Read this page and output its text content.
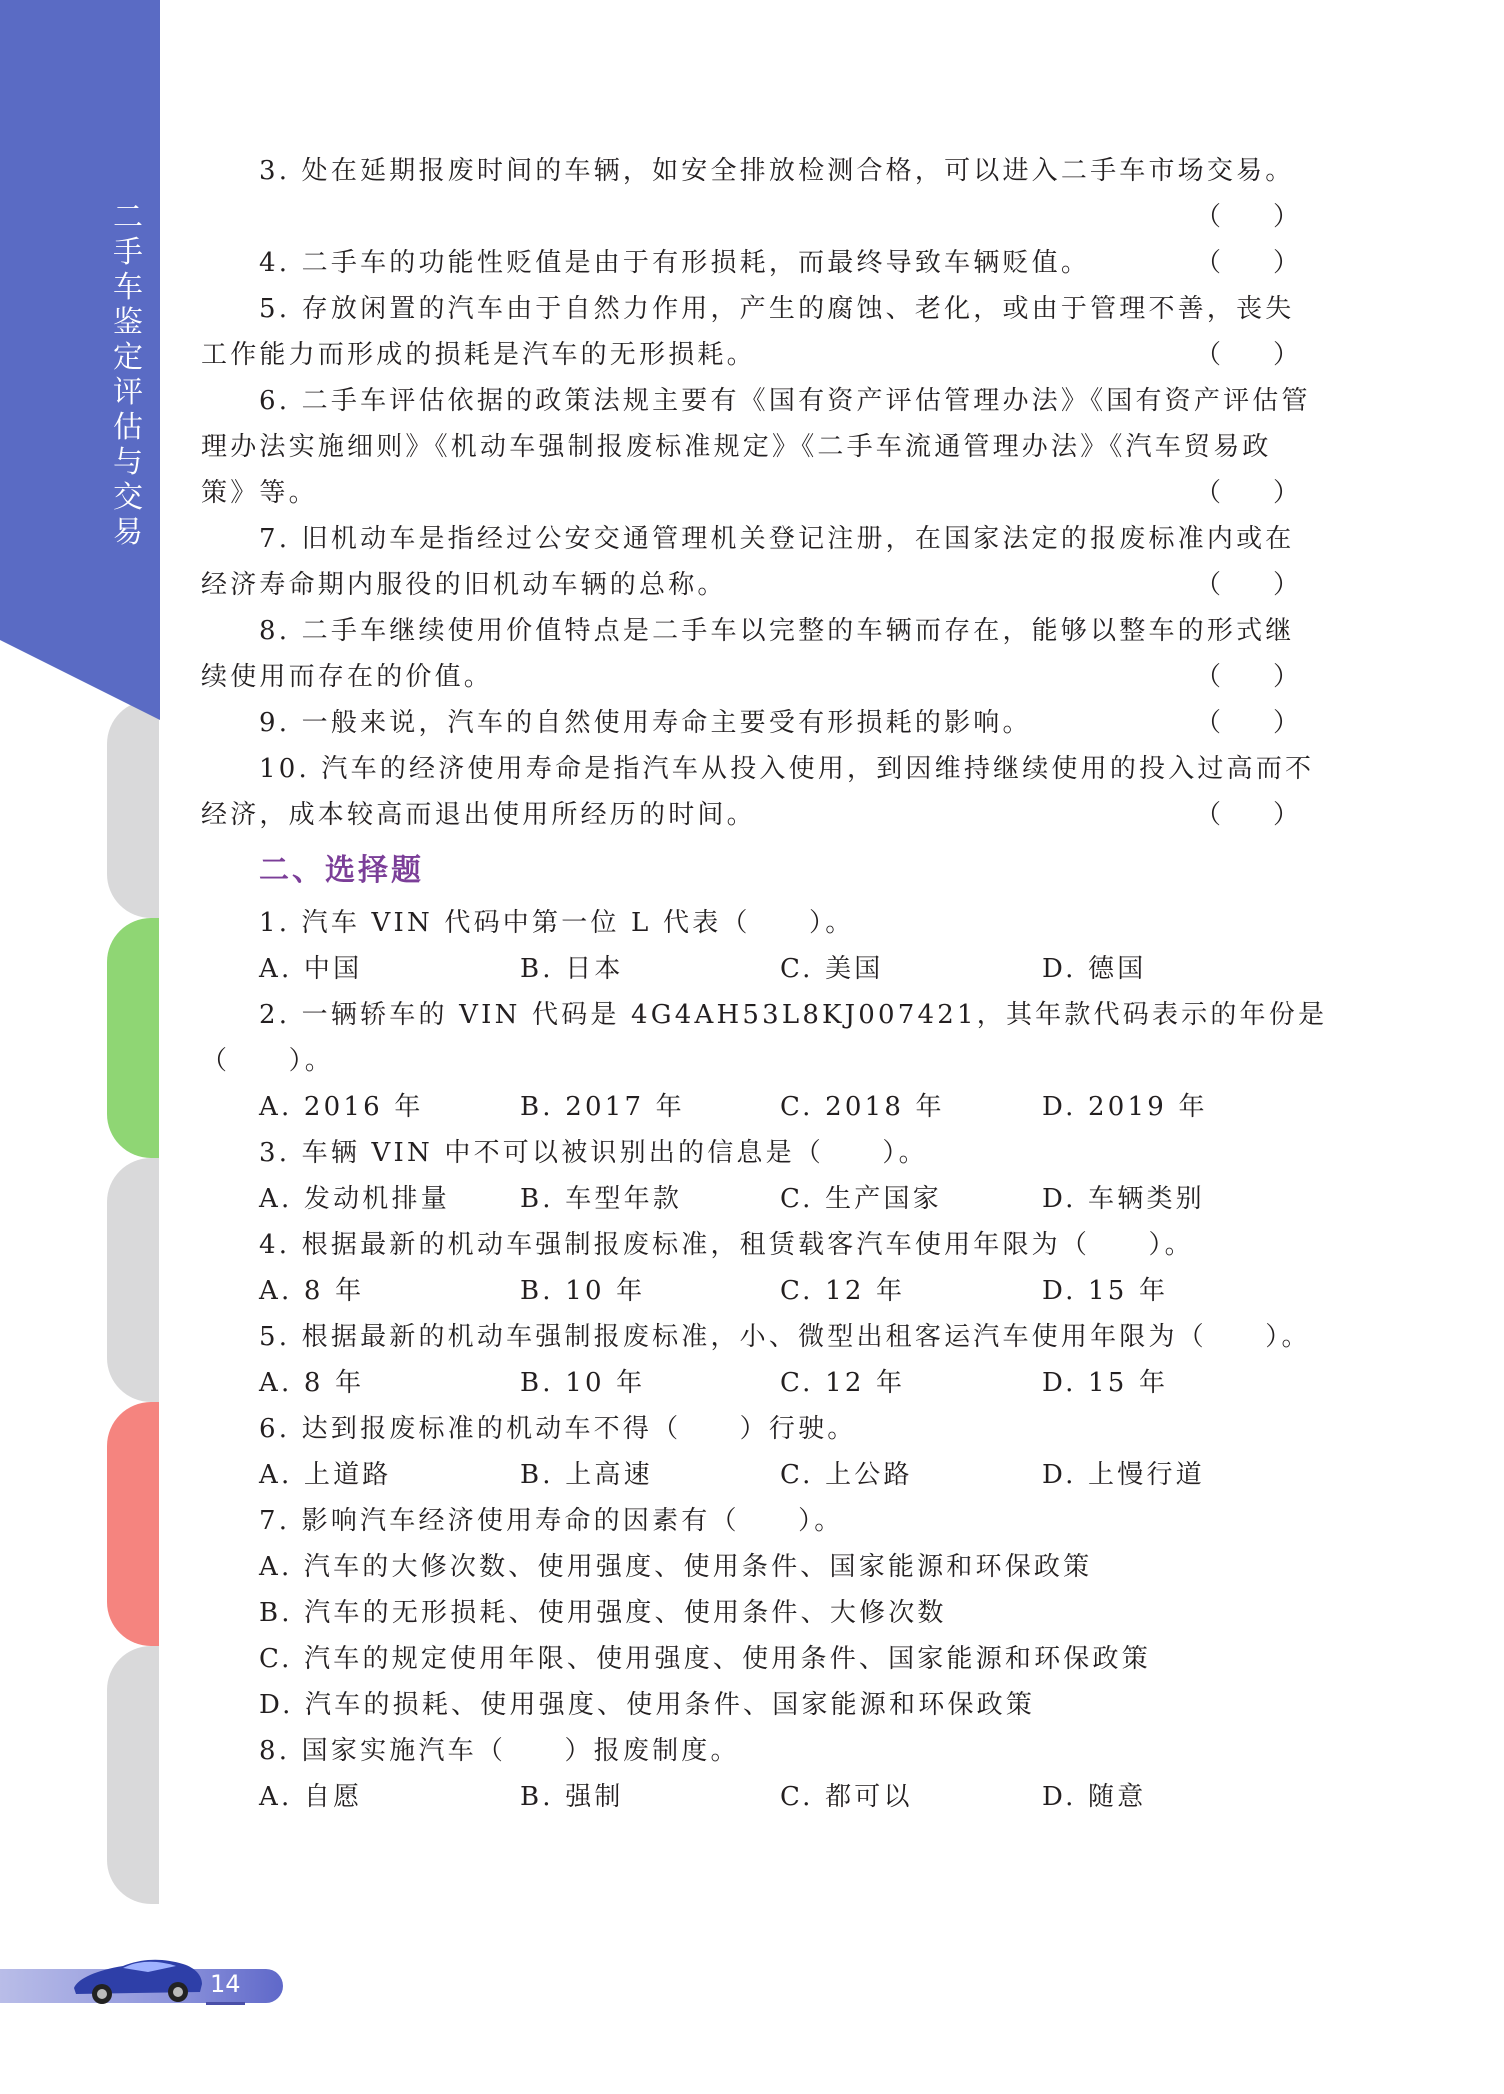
二手车鉴定评估与交易
3. 处在延期报废时间的车辆，如安全排放检测合格，可以进入二手车市场交易。
（　　）
4. 二手车的功能性贬值是由于有形损耗，而最终导致车辆贬值。	（　　）
5. 存放闲置的汽车由于自然力作用，产生的腐蚀、老化，或由于管理不善，丧失
工作能力而形成的损耗是汽车的无形损耗。	（　　）
6. 二手车评估依据的政策法规主要有《国有资产评估管理办法》《国有资产评估管
理办法实施细则》《机动车强制报废标准规定》《二手车流通管理办法》《汽车贸易政
策》等。	（　　）
7. 旧机动车是指经过公安交通管理机关登记注册，在国家法定的报废标准内或在
经济寿命期内服役的旧机动车辆的总称。	（　　）
8. 二手车继续使用价值特点是二手车以完整的车辆而存在，能够以整车的形式继
续使用而存在的价值。	（　　）
9. 一般来说，汽车的自然使用寿命主要受有形损耗的影响。	（　　）
10. 汽车的经济使用寿命是指汽车从投入使用，到因维持继续使用的投入过高而不
经济，成本较高而退出使用所经历的时间。	（　　）
1. 汽车 VIN 代码中第一位 L 代表（　　）。
A. 中国	B. 日本	C. 美国	D. 德国
2. 一辆轿车的 VIN 代码是 4G4AH53L8KJ007421，其年款代码表示的年份是
（　　）。
A. 2016 年	B. 2017 年	C. 2018 年	D. 2019 年
3. 车辆 VIN 中不可以被识别出的信息是（　　）。
A. 发动机排量	B. 车型年款	C. 生产国家	D. 车辆类别
4. 根据最新的机动车强制报废标准，租赁载客汽车使用年限为（　　）。
A. 8 年	B. 10 年	C. 12 年	D. 15 年
5. 根据最新的机动车强制报废标准，小、微型出租客运汽车使用年限为（　　）。
A. 8 年	B. 10 年	C. 12 年	D. 15 年
6. 达到报废标准的机动车不得（　　）行驶。
A. 上道路	B. 上高速	C. 上公路	D. 上慢行道
7. 影响汽车经济使用寿命的因素有（　　）。
A. 汽车的大修次数、使用强度、使用条件、国家能源和环保政策
B. 汽车的无形损耗、使用强度、使用条件、大修次数
C. 汽车的规定使用年限、使用强度、使用条件、国家能源和环保政策
D. 汽车的损耗、使用强度、使用条件、国家能源和环保政策
8. 国家实施汽车（　　）报废制度。
A. 自愿	B. 强制	C. 都可以	D. 随意
二、选择题
14
